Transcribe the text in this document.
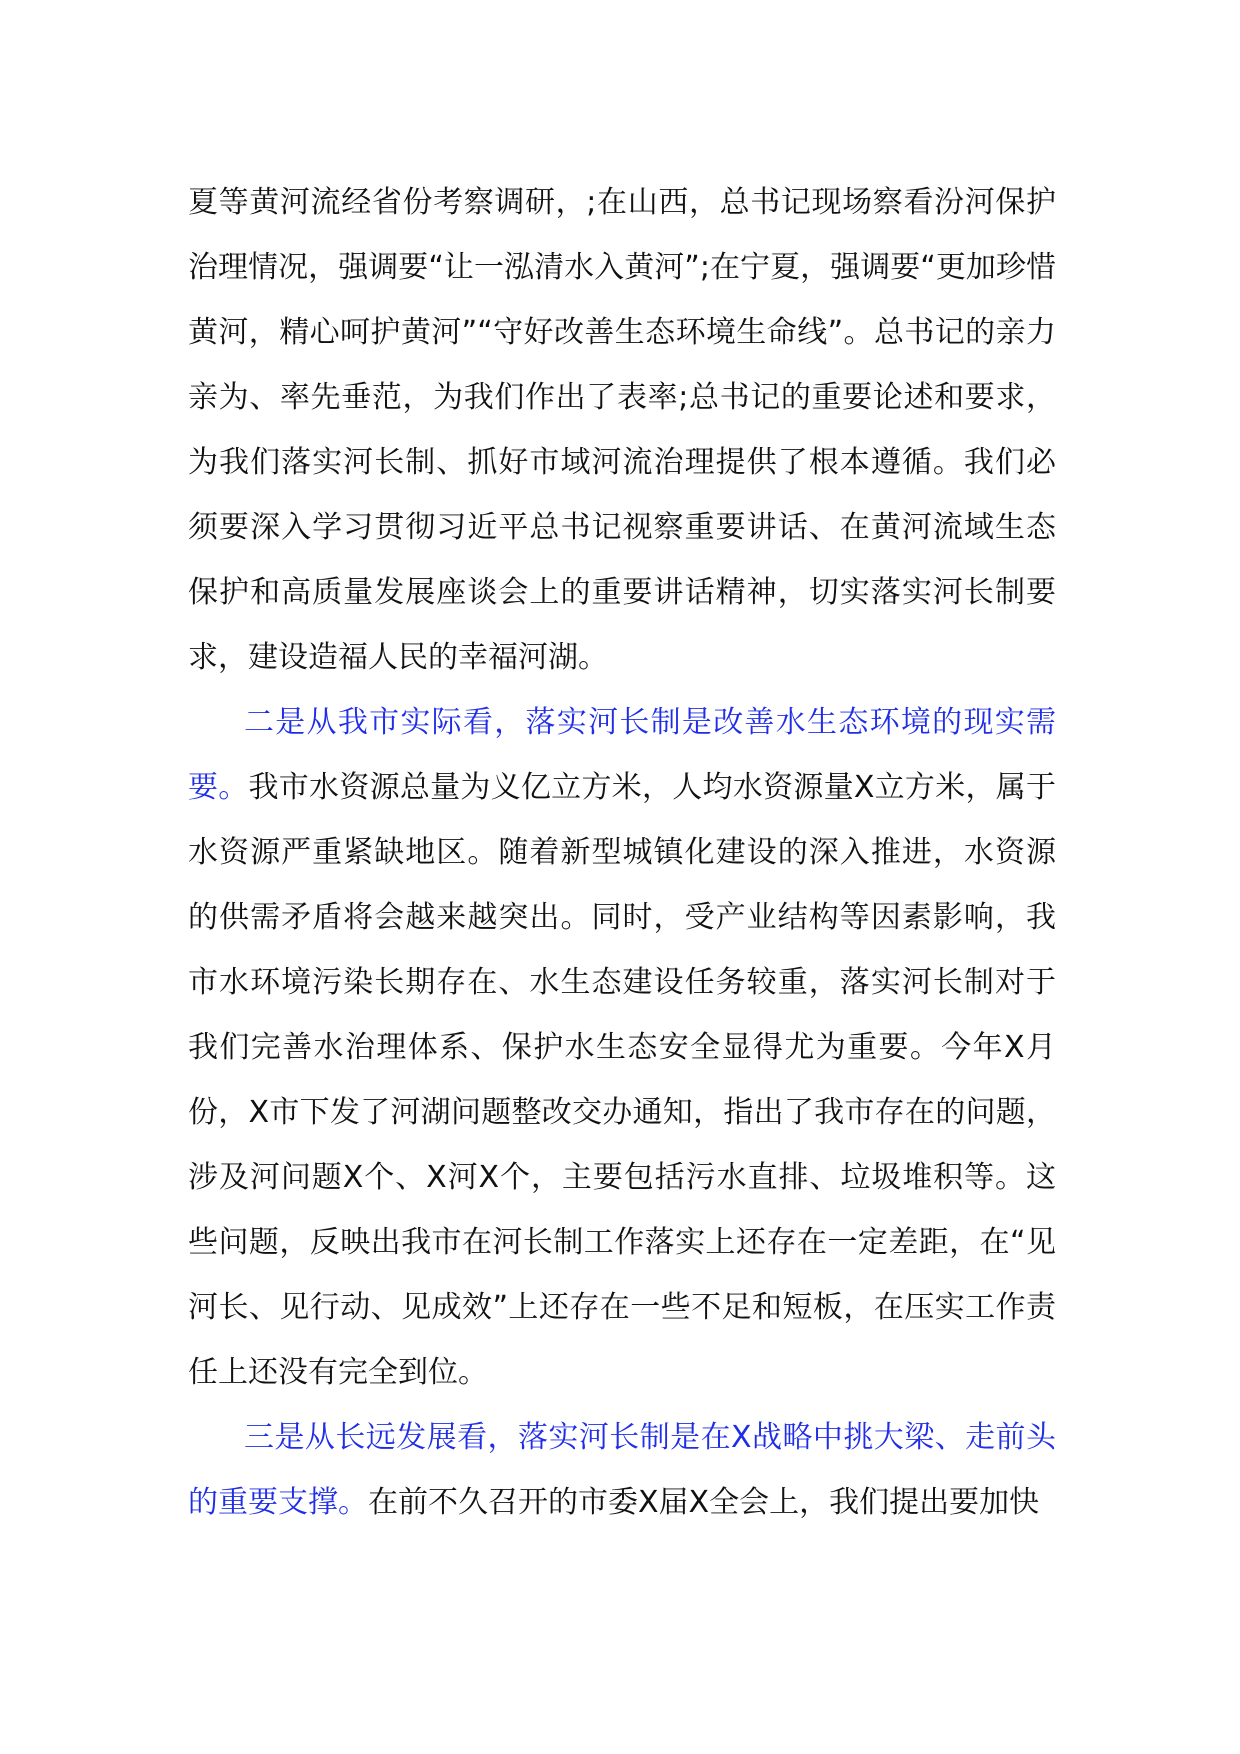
夏等黄河流经省份考察调研，;在山西，总书记现场察看汾河保护治理情况，强调要“让一泓清水入黄河”;在宁夏，强调要“更加珍惜黄河，精心呵护黄河”“守好改善生态环境生命线”。总书记的亲力亲为、率先垂范，为我们作出了表率;总书记的重要论述和要求，为我们落实河长制、抓好市域河流治理提供了根本遵循。我们必须要深入学习贯彻习近平总书记视察重要讲话、在黄河流域生态保护和高质量发展座谈会上的重要讲话精神，切实落实河长制要求，建设造福人民的幸福河湖。

二是从我市实际看，落实河长制是改善水生态环境的现实需要。我市水资源总量为义亿立方米，人均水资源量X立方米，属于水资源严重紧缺地区。随着新型城镇化建设的深入推进，水资源的供需矛盾将会越来越突出。同时，受产业结构等因素影响，我市水环境污染长期存在、水生态建设任务较重，落实河长制对于我们完善水治理体系、保护水生态安全显得尤为重要。今年X月份，X市下发了河湖问题整改交办通知，指出了我市存在的问题，涉及河问题X个、X河X个，主要包括污水直排、垃圾堆积等。这些问题，反映出我市在河长制工作落实上还存在一定差距，在“见河长、见行动、见成效”上还存在一些不足和短板，在压实工作责任上还没有完全到位。

三是从长远发展看，落实河长制是在X战略中挑大梁、走前头的重要支撑。在前不久召开的市委X届X全会上，我们提出要加快
